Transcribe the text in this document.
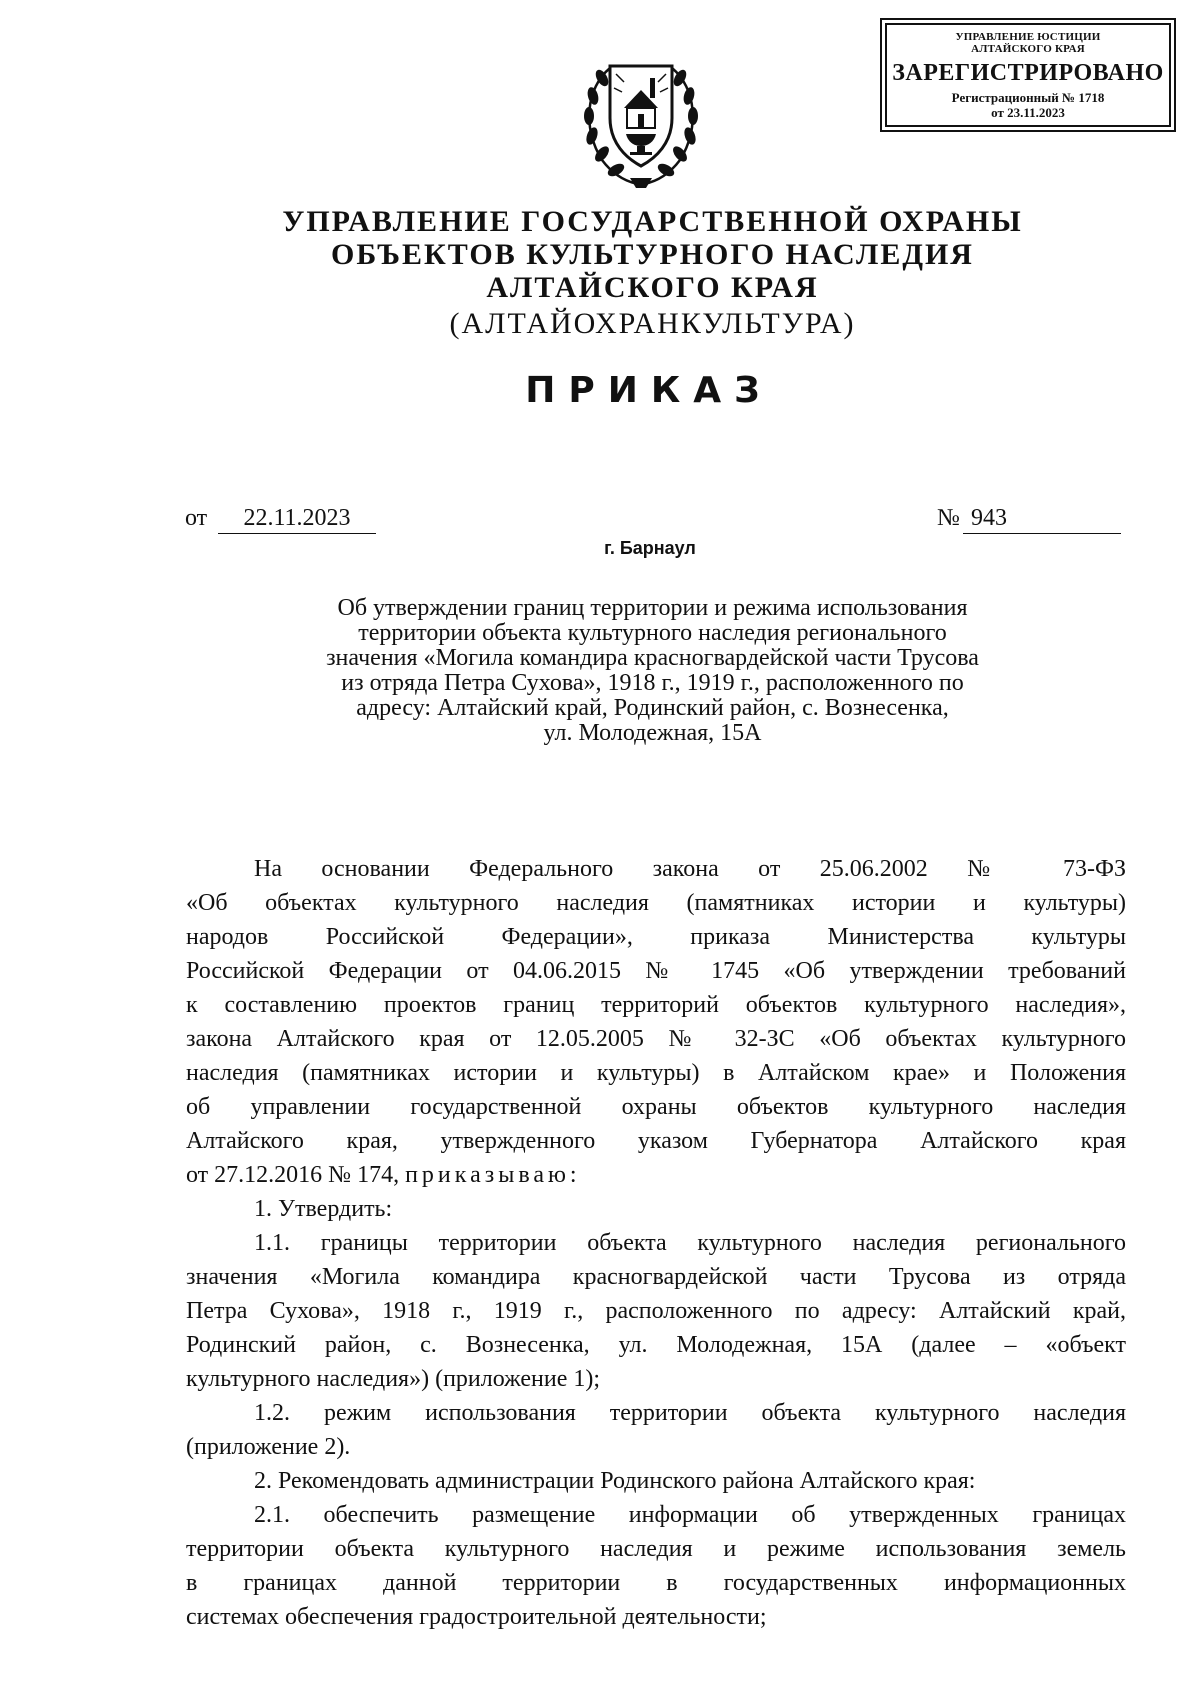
УПРАВЛЕНИЕ ЮСТИЦИИ
АЛТАЙСКОГО КРАЯ
ЗАРЕГИСТРИРОВАНО
Регистрационный № 1718
от 23.11.2023
УПРАВЛЕНИЕ ГОСУДАРСТВЕННОЙ ОХРАНЫ
ОБЪЕКТОВ КУЛЬТУРНОГО НАСЛЕДИЯ
АЛТАЙСКОГО КРАЯ
(АЛТАЙОХРАНКУЛЬТУРА)
ПРИКАЗ
от	22.11.2023	№ 943
г. Барнаул
Об утверждении границ территории и режима использования
территории объекта культурного наследия регионального
значения «Могила командира красногвардейской части Трусова
из отряда Петра Сухова», 1918 г., 1919 г., расположенного по
адресу: Алтайский край, Родинский район, с. Вознесенка,
ул. Молодежная, 15А
На основании Федерального закона от 25.06.2002 № 73-ФЗ
«Об объектах культурного наследия (памятниках истории и культуры)
народов Российской Федерации», приказа Министерства культуры
Российской Федерации от 04.06.2015 № 1745 «Об утверждении требований
к составлению проектов границ территорий объектов культурного наследия»,
закона Алтайского края от 12.05.2005 № 32-ЗС «Об объектах культурного
наследия (памятниках истории и культуры) в Алтайском крае» и Положения
об управлении государственной охраны объектов культурного наследия
Алтайского края, утвержденного указом Губернатора Алтайского края
от 27.12.2016 № 174, приказываю:
1. Утвердить:
1.1. границы территории объекта культурного наследия регионального
значения «Могила командира красногвардейской части Трусова из отряда
Петра Сухова», 1918 г., 1919 г., расположенного по адресу: Алтайский край,
Родинский район, с. Вознесенка, ул. Молодежная, 15А (далее – «объект
культурного наследия») (приложение 1);
1.2. режим использования территории объекта культурного наследия
(приложение 2).
2. Рекомендовать администрации Родинского района Алтайского края:
2.1. обеспечить размещение информации об утвержденных границах
территории объекта культурного наследия и режиме использования земель
в границах данной территории в государственных информационных
системах обеспечения градостроительной деятельности;
